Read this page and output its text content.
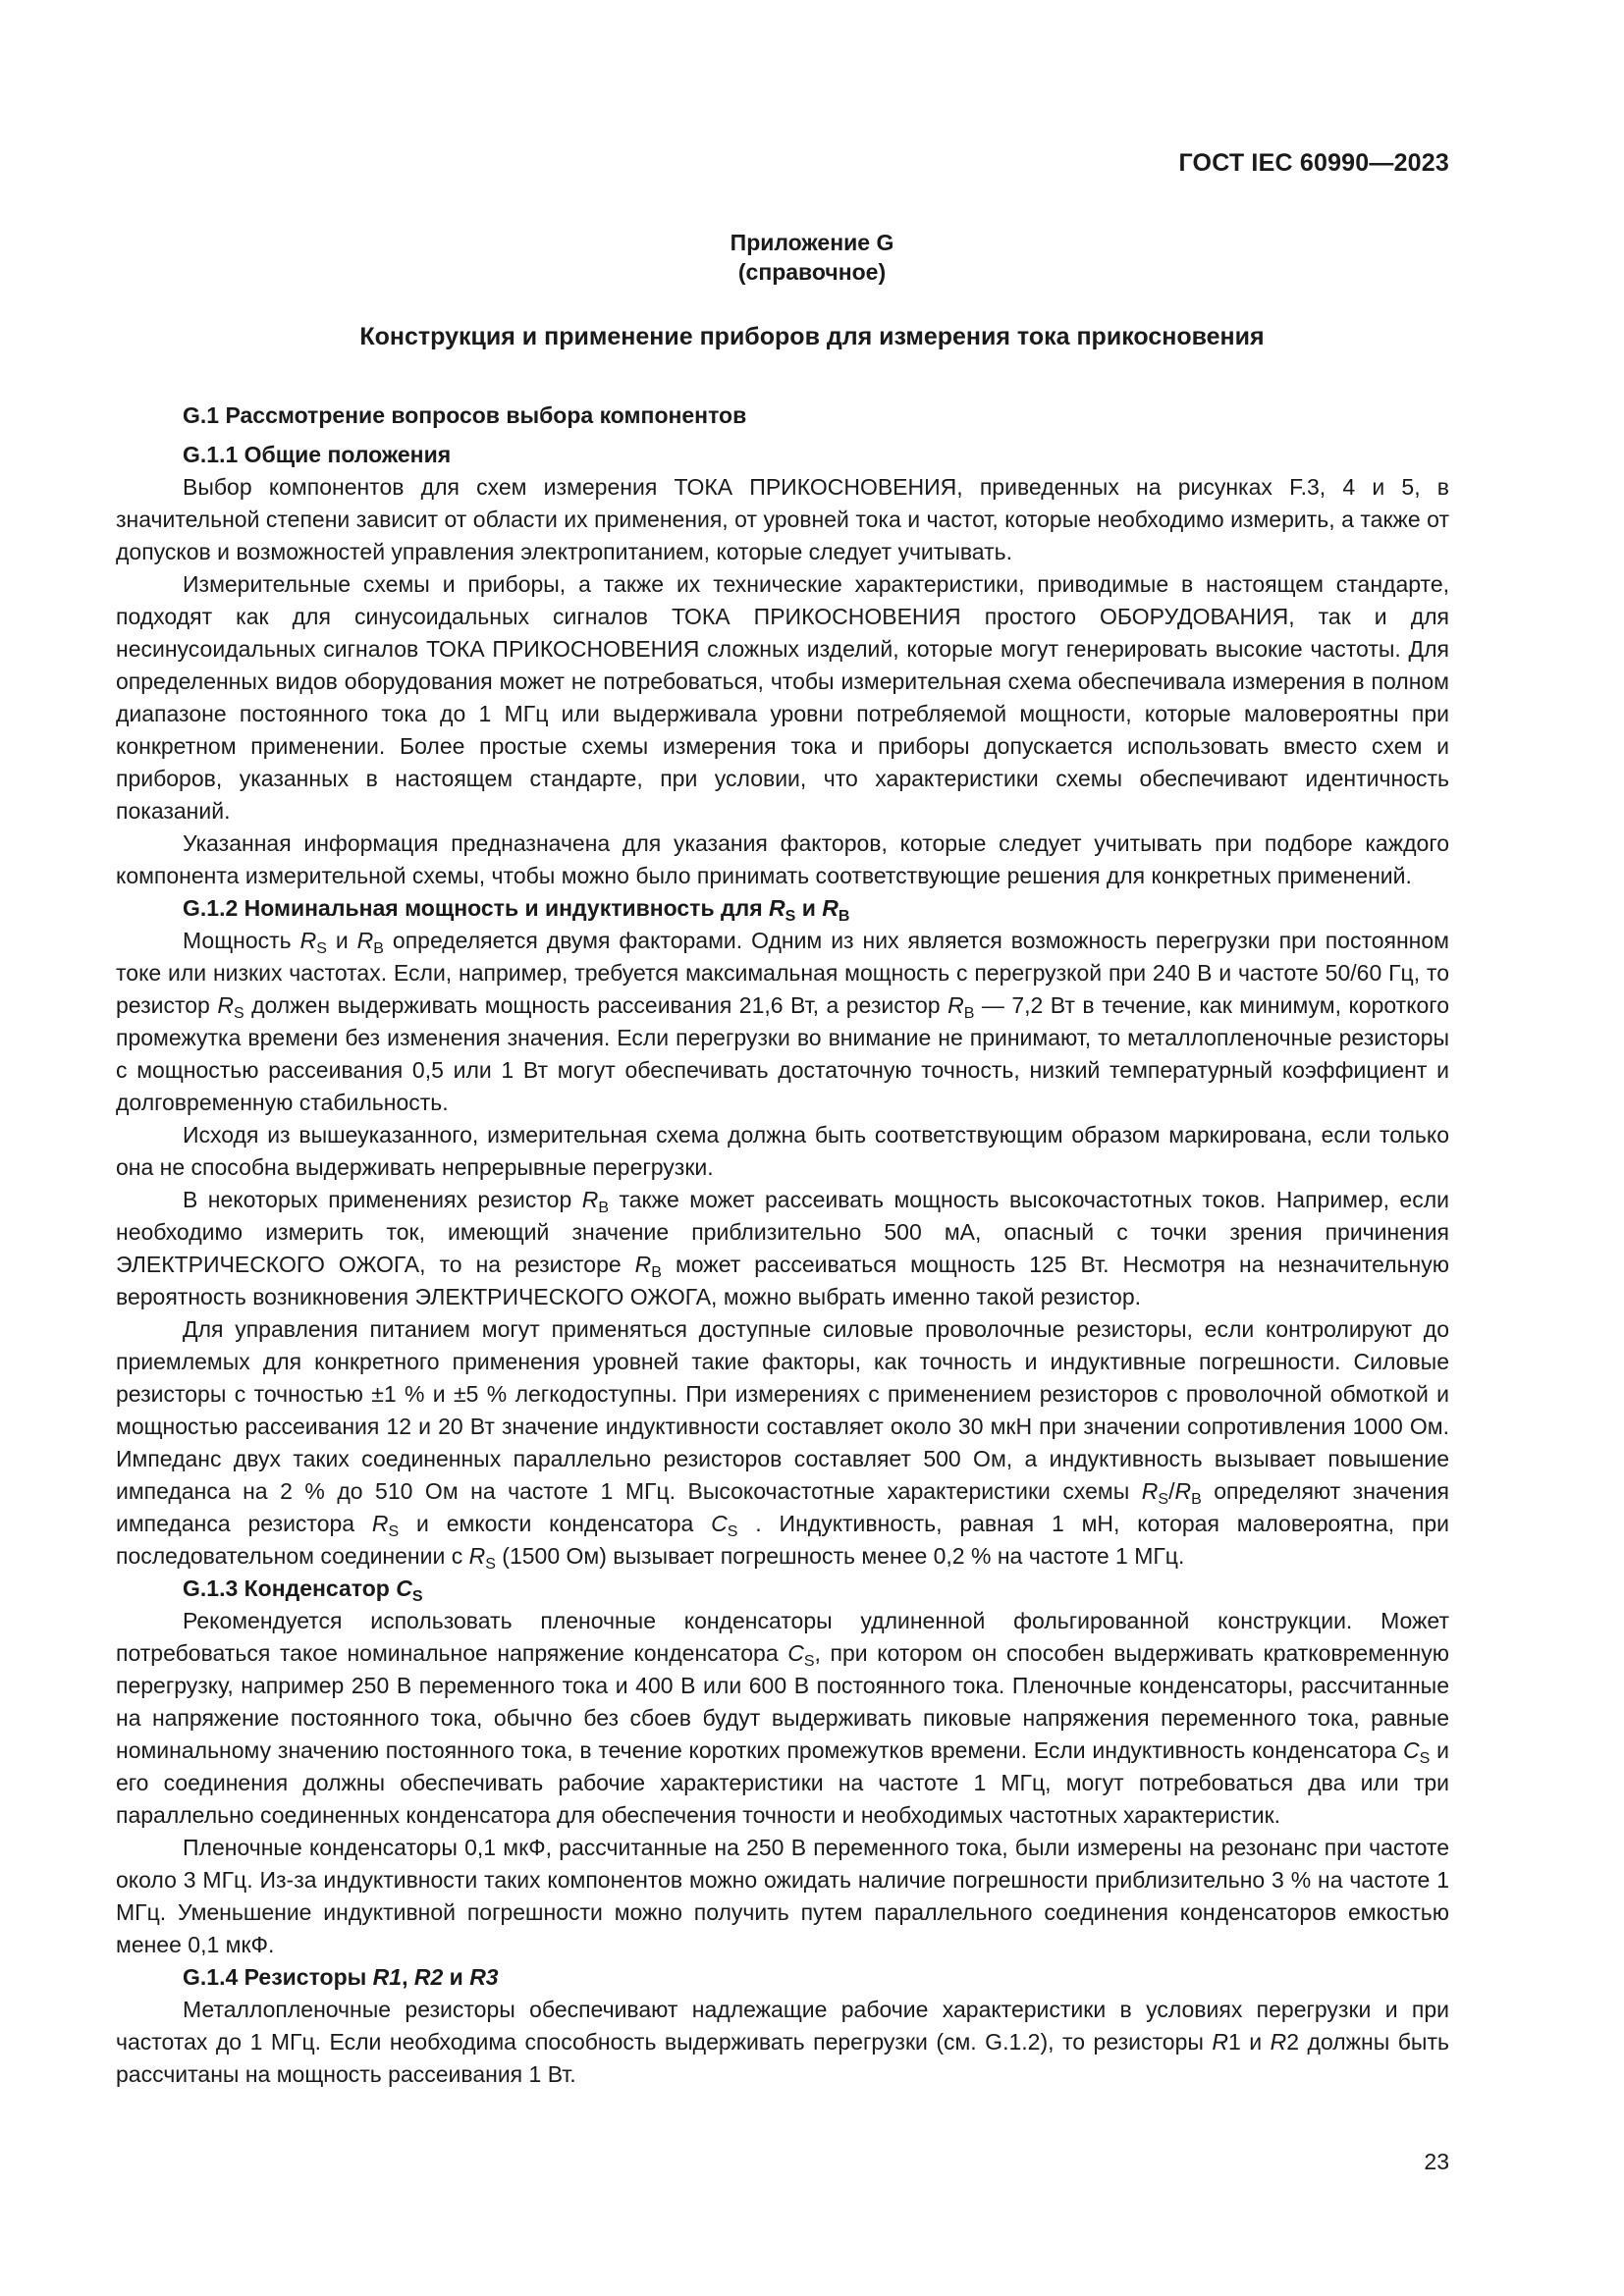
ГОСТ IEC 60990—2023
Приложение G
(справочное)
Конструкция и применение приборов для измерения тока прикосновения
G.1 Рассмотрение вопросов выбора компонентов
G.1.1 Общие положения

Выбор компонентов для схем измерения ТОКА ПРИКОСНОВЕНИЯ, приведенных на рисунках F.3, 4 и 5, в значительной степени зависит от области их применения, от уровней тока и частот, которые необходимо измерить, а также от допусков и возможностей управления электропитанием, которые следует учитывать.

Измерительные схемы и приборы, а также их технические характеристики, приводимые в настоящем стандарте, подходят как для синусоидальных сигналов ТОКА ПРИКОСНОВЕНИЯ простого ОБОРУДОВАНИЯ, так и для несинусоидальных сигналов ТОКА ПРИКОСНОВЕНИЯ сложных изделий, которые могут генерировать высокие частоты. Для определенных видов оборудования может не потребоваться, чтобы измерительная схема обеспечивала измерения в полном диапазоне постоянного тока до 1 МГц или выдерживала уровни потребляемой мощности, которые маловероятны при конкретном применении. Более простые схемы измерения тока и приборы допускается использовать вместо схем и приборов, указанных в настоящем стандарте, при условии, что характеристики схемы обеспечивают идентичность показаний.

Указанная информация предназначена для указания факторов, которые следует учитывать при подборе каждого компонента измерительной схемы, чтобы можно было принимать соответствующие решения для конкретных применений.

G.1.2 Номинальная мощность и индуктивность для $R_S$ и $R_B$

Мощность $R_S$ и $R_B$ определяется двумя факторами. Одним из них является возможность перегрузки при постоянном токе или низких частотах. Если, например, требуется максимальная мощность с перегрузкой при 240 В и частоте 50/60 Гц, то резистор $R_S$ должен выдерживать мощность рассеивания 21,6 Вт, а резистор $R_B$ — 7,2 Вт в течение, как минимум, короткого промежутка времени без изменения значения. Если перегрузки во внимание не принимают, то металлопленочные резисторы с мощностью рассеивания 0,5 или 1 Вт могут обеспечивать достаточную точность, низкий температурный коэффициент и долговременную стабильность.

Исходя из вышеуказанного, измерительная схема должна быть соответствующим образом маркирована, если только она не способна выдерживать непрерывные перегрузки.

В некоторых применениях резистор $R_B$ также может рассеивать мощность высокочастотных токов. Например, если необходимо измерить ток, имеющий значение приблизительно 500 мА, опасный с точки зрения причинения ЭЛЕКТРИЧЕСКОГО ОЖОГА, то на резисторе $R_B$ может рассеиваться мощность 125 Вт. Несмотря на незначительную вероятность возникновения ЭЛЕКТРИЧЕСКОГО ОЖОГА, можно выбрать именно такой резистор.

Для управления питанием могут применяться доступные силовые проволочные резисторы, если контролируют до приемлемых для конкретного применения уровней такие факторы, как точность и индуктивные погрешности. Силовые резисторы с точностью ±1 % и ±5 % легкодоступны. При измерениях с применением резисторов с проволочной обмоткой и мощностью рассеивания 12 и 20 Вт значение индуктивности составляет около 30 мкН при значении сопротивления 1000 Ом. Импеданс двух таких соединенных параллельно резисторов составляет 500 Ом, а индуктивность вызывает повышение импеданса на 2 % до 510 Ом на частоте 1 МГц. Высокочастотные характеристики схемы $R_S/R_B$ определяют значения импеданса резистора $R_S$ и емкости конденсатора $C_S$ . Индуктивность, равная 1 мН, которая маловероятна, при последовательном соединении с $R_S$ (1500 Ом) вызывает погрешность менее 0,2 % на частоте 1 МГц.

G.1.3 Конденсатор $C_S$

Рекомендуется использовать пленочные конденсаторы удлиненной фольгированной конструкции. Может потребоваться такое номинальное напряжение конденсатора $C_S$, при котором он способен выдерживать кратковременную перегрузку, например 250 В переменного тока и 400 В или 600 В постоянного тока. Пленочные конденсаторы, рассчитанные на напряжение постоянного тока, обычно без сбоев будут выдерживать пиковые напряжения переменного тока, равные номинальному значению постоянного тока, в течение коротких промежутков времени. Если индуктивность конденсатора $C_S$ и его соединения должны обеспечивать рабочие характеристики на частоте 1 МГц, могут потребоваться два или три параллельно соединенных конденсатора для обеспечения точности и необходимых частотных характеристик.

Пленочные конденсаторы 0,1 мкФ, рассчитанные на 250 В переменного тока, были измерены на резонанс при частоте около 3 МГц. Из-за индуктивности таких компонентов можно ожидать наличие погрешности приблизительно 3 % на частоте 1 МГц. Уменьшение индуктивной погрешности можно получить путем параллельного соединения конденсаторов емкостью менее 0,1 мкФ.

G.1.4 Резисторы R1, R2 и R3

Металлопленочные резисторы обеспечивают надлежащие рабочие характеристики в условиях перегрузки и при частотах до 1 МГц. Если необходима способность выдерживать перегрузки (см. G.1.2), то резисторы R1 и R2 должны быть рассчитаны на мощность рассеивания 1 Вт.

23
